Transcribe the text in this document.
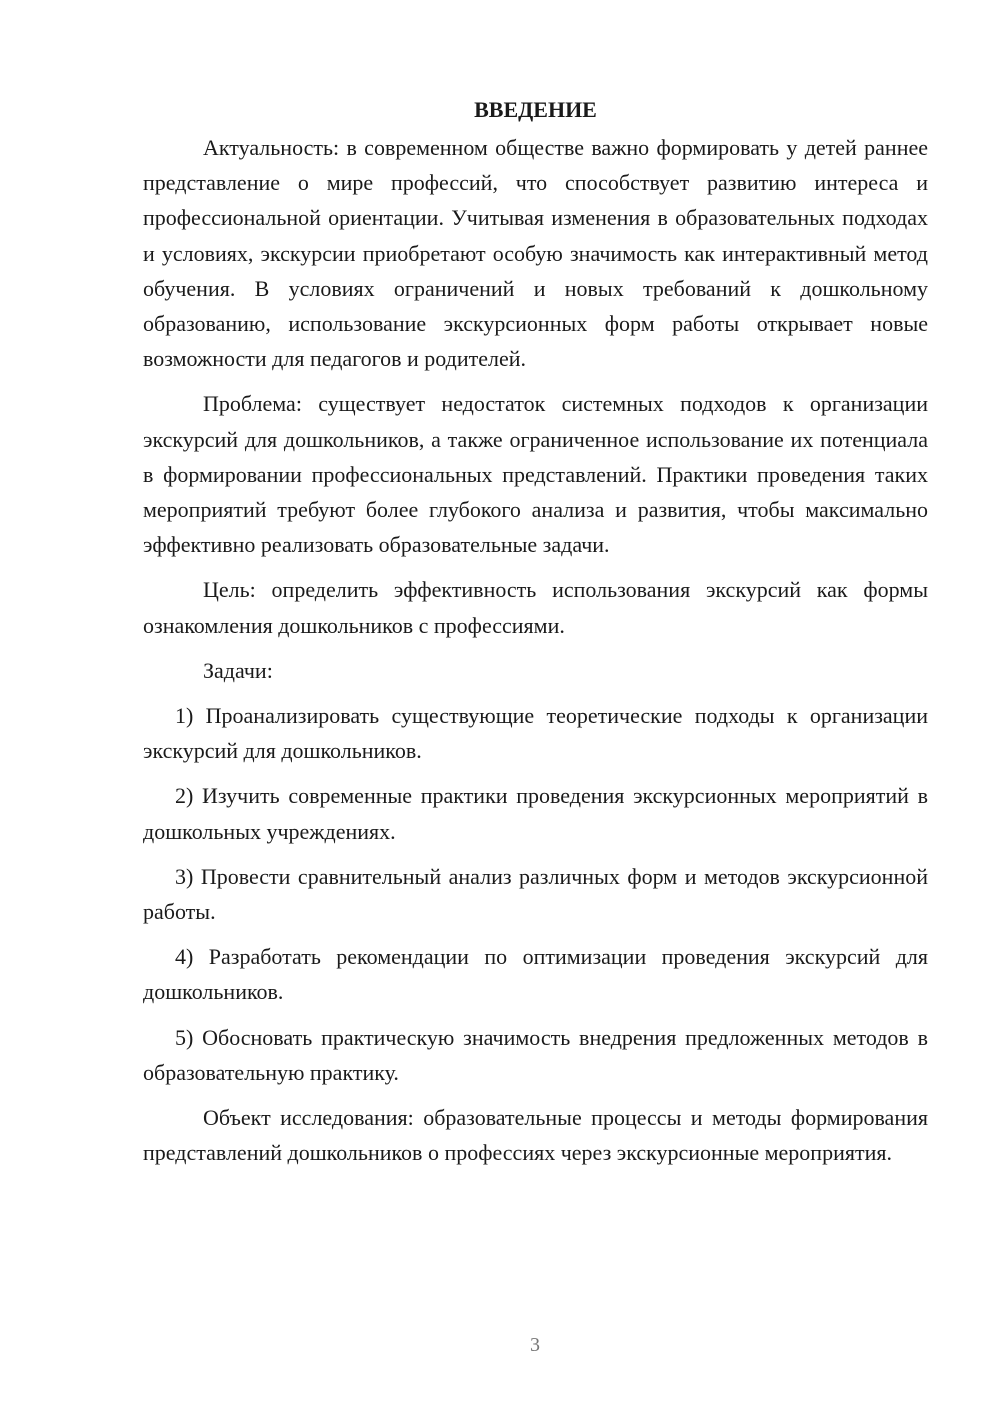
ВВЕДЕНИЕ

Актуальность: в современном обществе важно формировать у детей раннее представление о мире профессий, что способствует развитию интереса и профессиональной ориентации. Учитывая изменения в образовательных подходах и условиях, экскурсии приобретают особую значимость как интерактивный метод обучения. В условиях ограничений и новых требований к дошкольному образованию, использование экскурсионных форм работы открывает новые возможности для педагогов и родителей.

Проблема: существует недостаток системных подходов к организации экскурсий для дошкольников, а также ограниченное использование их потенциала в формировании профессиональных представлений. Практики проведения таких мероприятий требуют более глубокого анализа и развития, чтобы максимально эффективно реализовать образовательные задачи.

Цель: определить эффективность использования экскурсий как формы ознакомления дошкольников с профессиями.

Задачи:

1) Проанализировать существующие теоретические подходы к организации экскурсий для дошкольников.

2) Изучить современные практики проведения экскурсионных мероприятий в дошкольных учреждениях.

3) Провести сравнительный анализ различных форм и методов экскурсионной работы.

4) Разработать рекомендации по оптимизации проведения экскурсий для дошкольников.

5) Обосновать практическую значимость внедрения предложенных методов в образовательную практику.

Объект исследования: образовательные процессы и методы формирования представлений дошкольников о профессиях через экскурсионные мероприятия.

3
